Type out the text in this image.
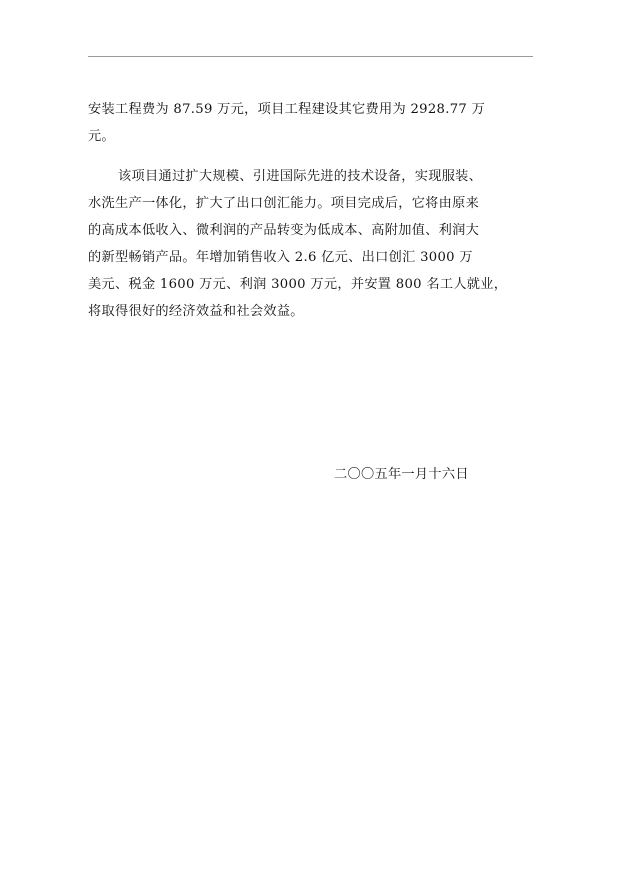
安装工程费为 87.59 万元，项目工程建设其它费用为 2928.77 万
元。
该项目通过扩大规模、引进国际先进的技术设备，实现服装、
水洗生产一体化，扩大了出口创汇能力。项目完成后，它将由原来
的高成本低收入、微利润的产品转变为低成本、高附加值、利润大
的新型畅销产品。年增加销售收入 2.6 亿元、出口创汇 3000 万
美元、税金 1600 万元、利润 3000 万元，并安置 800 名工人就业，
将取得很好的经济效益和社会效益。
二〇〇五年一月十六日
